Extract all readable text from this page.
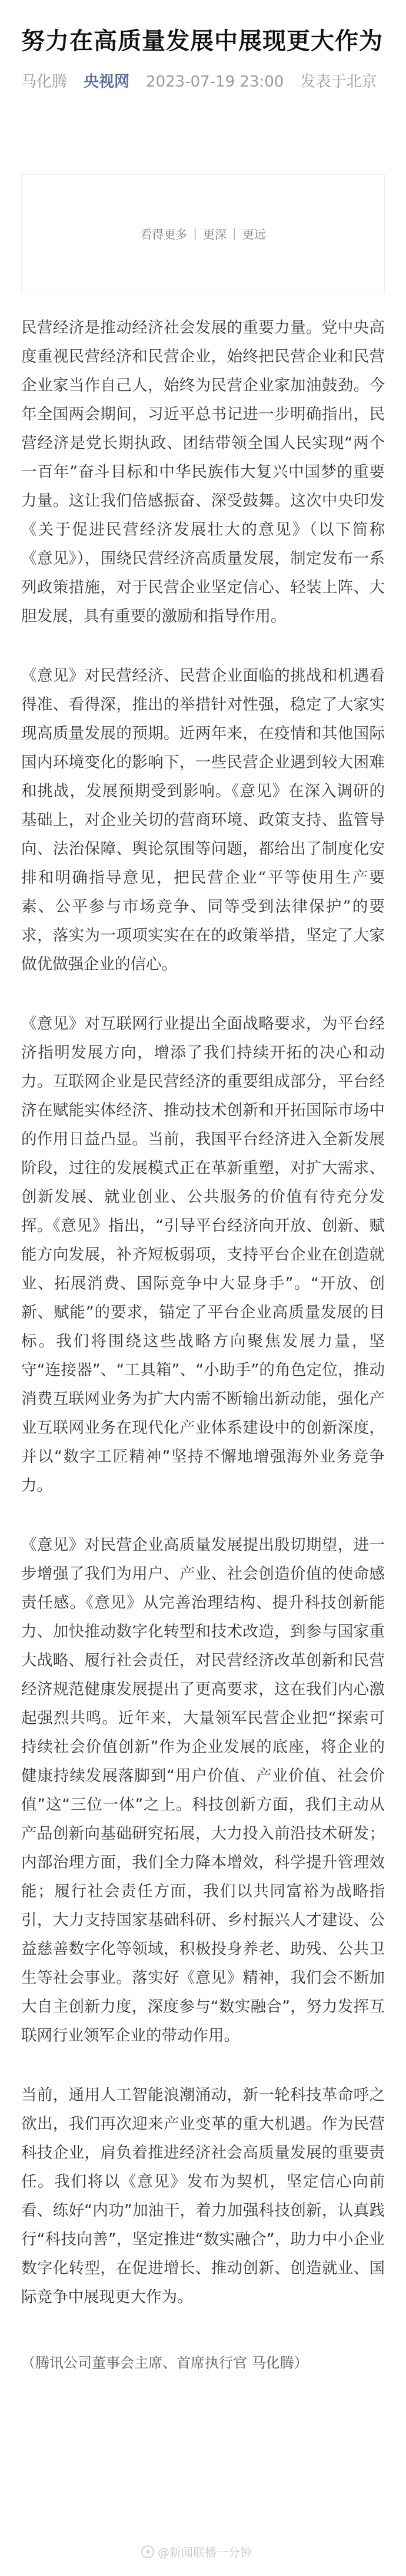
努力在高质量发展中展现更大作为
马化腾 央视网 2023-07-19 23:00 发表于北京
看得更多 | 更深 | 更远

民营经济是推动经济社会发展的重要力量。党中央高度重视民营经济和民营企业，始终把民营企业和民营企业家当作自己人，始终为民营企业家加油鼓劲。今年全国两会期间，习近平总书记进一步明确指出，民营经济是党长期执政、团结带领全国人民实现“两个一百年”奋斗目标和中华民族伟大复兴中国梦的重要力量。这让我们倍感振奋、深受鼓舞。这次中央印发《关于促进民营经济发展壮大的意见》（以下简称《意见》），围绕民营经济高质量发展，制定发布一系列政策措施，对于民营企业坚定信心、轻装上阵、大胆发展，具有重要的激励和指导作用。

《意见》对民营经济、民营企业面临的挑战和机遇看得准、看得深，推出的举措针对性强，稳定了大家实现高质量发展的预期。近两年来，在疫情和其他国际国内环境变化的影响下，一些民营企业遇到较大困难和挑战，发展预期受到影响。《意见》在深入调研的基础上，对企业关切的营商环境、政策支持、监管导向、法治保障、舆论氛围等问题，都给出了制度化安排和明确指导意见，把民营企业“平等使用生产要素、公平参与市场竞争、同等受到法律保护”的要求，落实为一项项实实在在的政策举措，坚定了大家做优做强企业的信心。

《意见》对互联网行业提出全面战略要求，为平台经济指明发展方向，增添了我们持续开拓的决心和动力。互联网企业是民营经济的重要组成部分，平台经济在赋能实体经济、推动技术创新和开拓国际市场中的作用日益凸显。当前，我国平台经济进入全新发展阶段，过往的发展模式正在革新重塑，对扩大需求、创新发展、就业创业、公共服务的价值有待充分发挥。《意见》指出，“引导平台经济向开放、创新、赋能方向发展，补齐短板弱项，支持平台企业在创造就业、拓展消费、国际竞争中大显身手”。“开放、创新、赋能”的要求，锚定了平台企业高质量发展的目标。我们将围绕这些战略方向聚焦发展力量，坚守“连接器”、“工具箱”、“小助手”的角色定位，推动消费互联网业务为扩大内需不断输出新动能，强化产业互联网业务在现代化产业体系建设中的创新深度，并以“数字工匠精神”坚持不懈地增强海外业务竞争力。

《意见》对民营企业高质量发展提出殷切期望，进一步增强了我们为用户、产业、社会创造价值的使命感责任感。《意见》从完善治理结构、提升科技创新能力、加快推动数字化转型和技术改造，到参与国家重大战略、履行社会责任，对民营经济改革创新和民营经济规范健康发展提出了更高要求，这在我们内心激起强烈共鸣。近年来，大量领军民营企业把“探索可持续社会价值创新”作为企业发展的底座，将企业的健康持续发展落脚到“用户价值、产业价值、社会价值”这“三位一体”之上。科技创新方面，我们主动从产品创新向基础研究拓展，大力投入前沿技术研发；内部治理方面，我们全力降本增效，科学提升管理效能；履行社会责任方面，我们以共同富裕为战略指引，大力支持国家基础科研、乡村振兴人才建设、公益慈善数字化等领域，积极投身养老、助残、公共卫生等社会事业。落实好《意见》精神，我们会不断加大自主创新力度，深度参与“数实融合”，努力发挥互联网行业领军企业的带动作用。

当前，通用人工智能浪潮涌动，新一轮科技革命呼之欲出，我们再次迎来产业变革的重大机遇。作为民营科技企业，肩负着推进经济社会高质量发展的重要责任。我们将以《意见》发布为契机，坚定信心向前看、练好“内功”加油干，着力加强科技创新，认真践行“科技向善”，坚定推进“数实融合”，助力中小企业数字化转型，在促进增长、推动创新、创造就业、国际竞争中展现更大作为。

（腾讯公司董事会主席、首席执行官 马化腾）
@新闻联播一分钟
